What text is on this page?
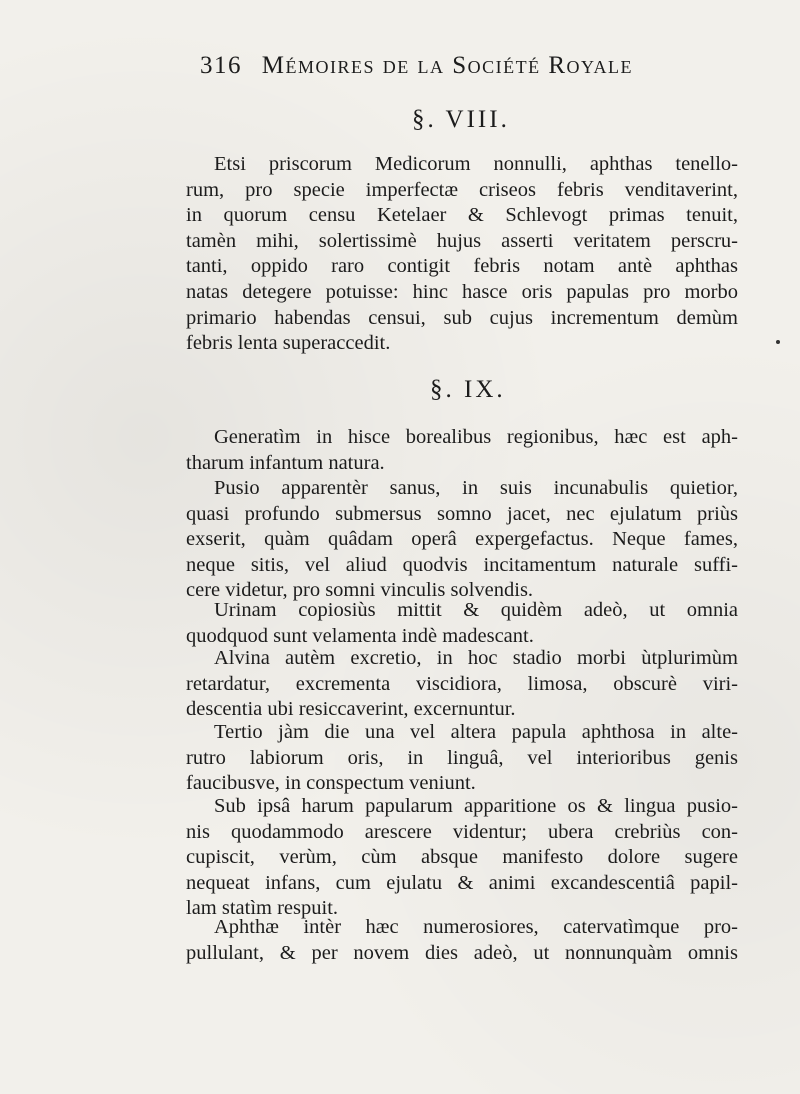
316 Mémoires de la Société Royale
§. VIII.
Etsi priscorum Medicorum nonnulli, aphthas tenello-
rum, pro specie imperfectæ criseos febris venditaverint,
in quorum censu Ketelaer & Schlevogt primas tenuit,
tamèn mihi, solertissimè hujus asserti veritatem perscru-
tanti, oppido raro contigit febris notam antè aphthas
natas detegere potuisse: hinc hasce oris papulas pro morbo
primario habendas censui, sub cujus incrementum demùm
febris lenta superaccedit.
§. IX.
Generatìm in hisce borealibus regionibus, hæc est aph-
tharum infantum natura.
Pusio apparentèr sanus, in suis incunabulis quietior,
quasi profundo submersus somno jacet, nec ejulatum priùs
exserit, quàm quâdam operâ expergefactus. Neque fames,
neque sitis, vel aliud quodvis incitamentum naturale suffi-
cere videtur, pro somni vinculis solvendis.
Urinam copiosiùs mittit & quidèm adeò, ut omnia
quodquod sunt velamenta indè madescant.
Alvina autèm excretio, in hoc stadio morbi ùtplurimùm
retardatur, excrementa viscidiora, limosa, obscurè viri-
descentia ubi resiccaverint, excernuntur.
Tertio jàm die una vel altera papula aphthosa in alte-
rutro labiorum oris, in linguâ, vel interioribus genis
faucibusve, in conspectum veniunt.
Sub ipsâ harum papularum apparitione os & lingua pusio-
nis quodammodo arescere videntur; ubera crebriùs con-
cupiscit, verùm, cùm absque manifesto dolore sugere
nequeat infans, cum ejulatu & animi excandescentiâ papil-
lam statìm respuit.
Aphthæ intèr hæc numerosiores, catervatìmque pro-
pullulant, & per novem dies adeò, ut nonnunquàm omnis
